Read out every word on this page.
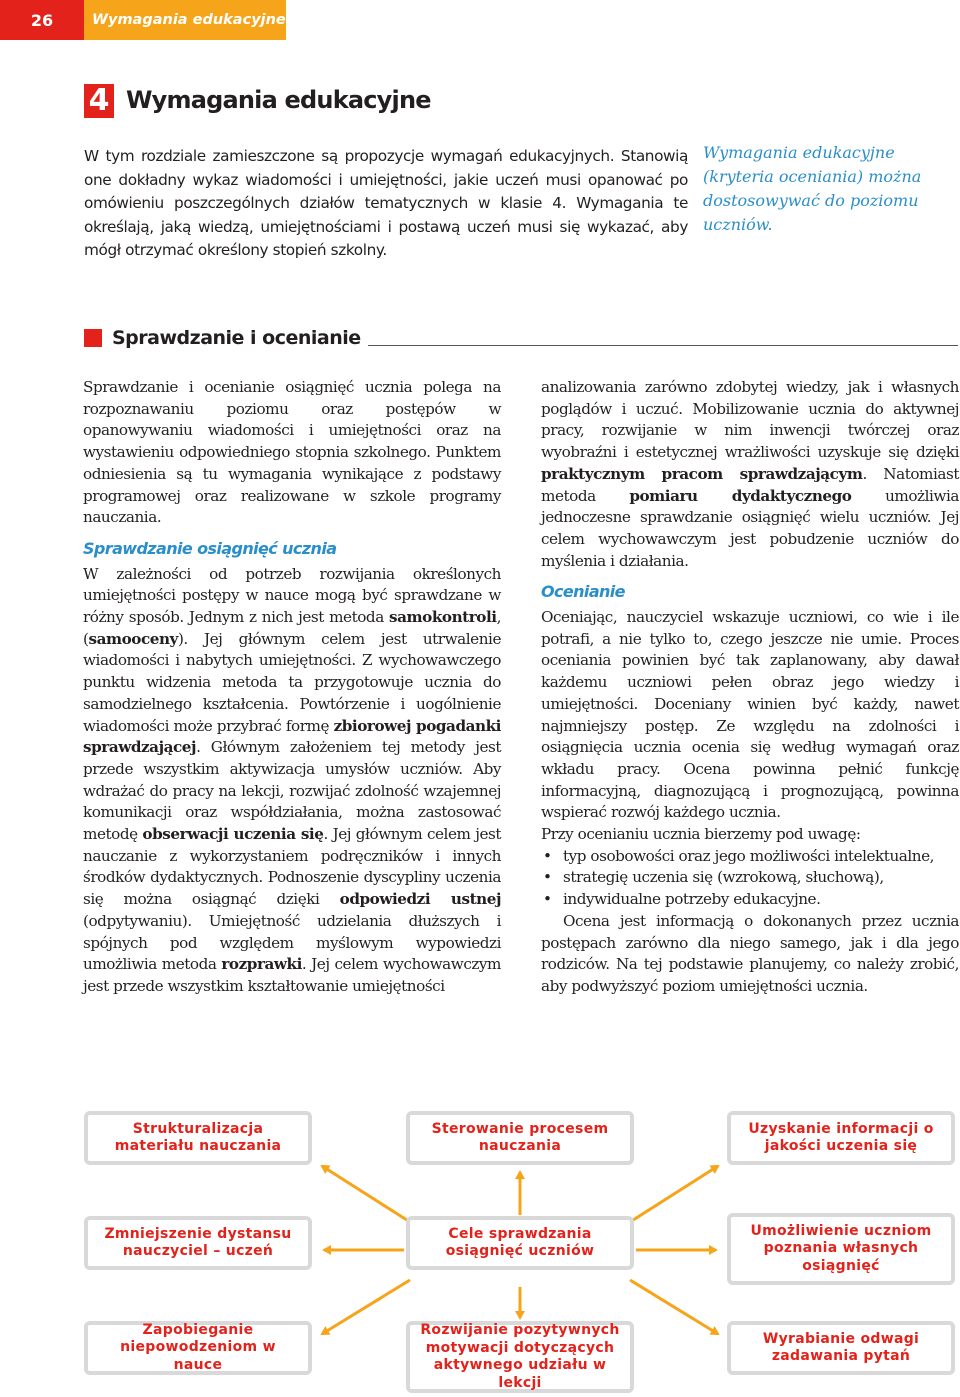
26	Wymagania edukacyjne
4 Wymagania edukacyjne
W tym rozdziale zamieszczone są propozycje wymagań edukacyjnych. Stanowią one dokładny wykaz wiadomości i umiejętności, jakie uczeń musi opanować po omówieniu poszczególnych działów tematycznych w klasie 4. Wymagania te określają, jaką wiedzą, umiejętnościami i postawą uczeń musi się wykazać, aby mógł otrzymać określony stopień szkolny.
Wymagania edukacyjne (kryteria oceniania) można dostosowywać do poziomu uczniów.
Sprawdzanie i ocenianie

Sprawdzanie i ocenianie osiągnięć ucznia polega na rozpoznawaniu poziomu oraz postępów w opanowywaniu wiadomości i umiejętności oraz na wystawieniu odpowiedniego stopnia szkolnego. Punktem odniesienia są tu wymagania wynikające z podstawy programowej oraz realizowane w szkole programy nauczania.

Sprawdzanie osiągnięć ucznia

W zależności od potrzeb rozwijania określonych umiejętności postępy w nauce mogą być sprawdzane w różny sposób. Jednym z nich jest metoda samokontroli, (samooceny). Jej głównym celem jest utrwalenie wiadomości i nabytych umiejętności. Z wychowawczego punktu widzenia metoda ta przygotowuje ucznia do samodzielnego kształcenia. Powtórzenie i uogólnienie wiadomości może przybrać formę zbiorowej pogadanki sprawdzającej. Głównym założeniem tej metody jest przede wszystkim aktywizacja umysłów uczniów. Aby wdrażać do pracy na lekcji, rozwijać zdolność wzajemnej komunikacji oraz współdziałania, można zastosować metodę obserwacji uczenia się. Jej głównym celem jest nauczanie z wykorzystaniem podręczników i innych środków dydaktycznych. Podnoszenie dyscypliny uczenia się można osiągnąć dzięki odpowiedzi ustnej (odpytywaniu). Umiejętność udzielania dłuższych i spójnych pod względem myślowym wypowiedzi umożliwia metoda rozprawki. Jej celem wychowawczym jest przede wszystkim kształtowanie umiejętności

analizowania zarówno zdobytej wiedzy, jak i własnych poglądów i uczuć. Mobilizowanie ucznia do aktywnej pracy, rozwijanie w nim inwencji twórczej oraz wyobraźni i estetycznej wrażliwości uzyskuje się dzięki praktycznym pracom sprawdzającym. Natomiast metoda pomiaru dydaktycznego umożliwia jednoczesne sprawdzanie osiągnięć wielu uczniów. Jej celem wychowawczym jest pobudzenie uczniów do myślenia i działania.

Ocenianie

Oceniając, nauczyciel wskazuje uczniowi, co wie i ile potrafi, a nie tylko to, czego jeszcze nie umie. Proces oceniania powinien być tak zaplanowany, aby dawał każdemu uczniowi pełen obraz jego wiedzy i umiejętności. Doceniany winien być każdy, nawet najmniejszy postęp. Ze względu na zdolności i osiągnięcia ucznia ocenia się według wymagań oraz wkładu pracy. Ocena powinna pełnić funkcję informacyjną, diagnozującą i prognozującą, powinna wspierać rozwój każdego ucznia.

Przy ocenianiu ucznia bierzemy pod uwagę:

• typ osobowości oraz jego możliwości intelektualne,
• strategię uczenia się (wzrokową, słuchową),
• indywidualne potrzeby edukacyjne.

Ocena jest informacją o dokonanych przez ucznia postępach zarówno dla niego samego, jak i dla jego rodziców. Na tej podstawie planujemy, co należy zrobić, aby podwyższyć poziom umiejętności ucznia.

Strukturalizacja materiału nauczania
Sterowanie procesem nauczania
Uzyskanie informacji o jakości uczenia się
Zmniejszenie dystansu nauczyciel – uczeń
Cele sprawdzania osiągnięć uczniów
Umożliwienie uczniom poznania własnych osiągnięć
Zapobieganie niepowodzeniom w nauce
Rozwijanie pozytywnych motywacji dotyczących aktywnego udziału w lekcji
Wyrabianie odwagi zadawania pytań
